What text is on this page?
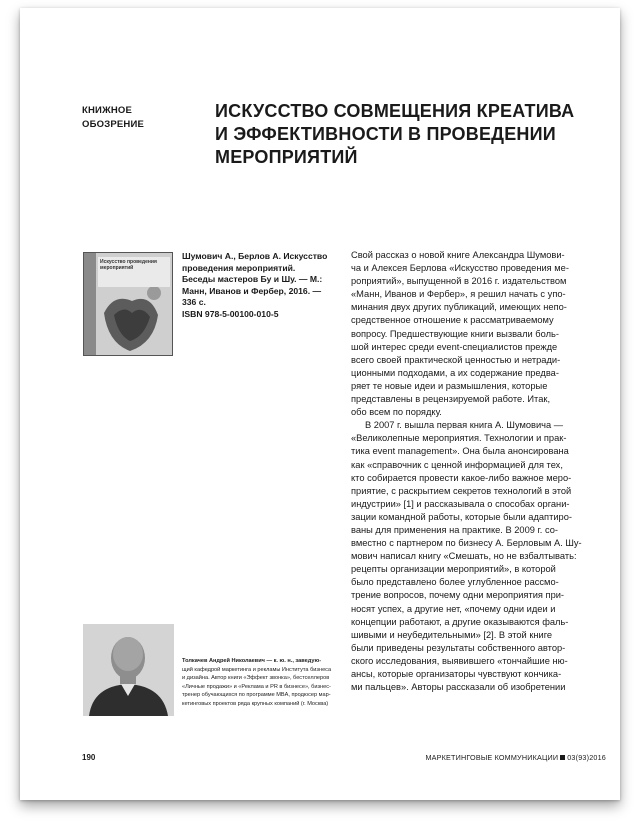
КНИЖНОЕ
ОБОЗРЕНИЕ
ИСКУССТВО СОВМЕЩЕНИЯ КРЕАТИВА
И ЭФФЕКТИВНОСТИ В ПРОВЕДЕНИИ
МЕРОПРИЯТИЙ
Искусство проведения мероприятий
Шумович А., Берлов А. Искусство
проведения мероприятий.
Беседы мастеров Бу и Шу. — М.:
Манн, Иванов и Фербер, 2016. —
336 с.
ISBN 978-5-00100-010-5
Толкачев Андрей Николаевич — к. ю. н., заведую-
щий кафедрой маркетинга и рекламы Института бизнеса
и дизайна. Автор книги «Эффект звонка», бестселлеров
«Личные продажи» и «Реклама и PR в бизнесе», бизнес-
тренер обучающихся по программе MBA, продюсер мар-
кетинговых проектов ряда крупных компаний (г. Москва)
Свой рассказ о новой книге Александра Шумови-
ча и Алексея Берлова «Искусство проведения ме-
роприятий», выпущенной в 2016 г. издательством
«Манн, Иванов и Фербер», я решил начать с упо-
минания двух других публикаций, имеющих непо-
средственное отношение к рассматриваемому
вопросу. Предшествующие книги вызвали боль-
шой интерес среди event-специалистов прежде
всего своей практической ценностью и нетради-
ционными подходами, а их содержание предва-
ряет те новые идеи и размышления, которые
представлены в рецензируемой работе. Итак,
обо всем по порядку.
В 2007 г. вышла первая книга А. Шумовича —
«Великолепные мероприятия. Технологии и прак-
тика event management». Она была анонсирована
как «справочник с ценной информацией для тех,
кто собирается провести какое-либо важное меро-
приятие, с раскрытием секретов технологий в этой
индустрии» [1] и рассказывала о способах органи-
зации командной работы, которые были адаптиро-
ваны для применения на практике. В 2009 г. со-
вместно с партнером по бизнесу А. Берловым А. Шу-
мович написал книгу «Смешать, но не взбалтывать:
рецепты организации мероприятий», в которой
было представлено более углубленное рассмо-
трение вопросов, почему одни мероприятия при-
носят успех, а другие нет, «почему одни идеи и
концепции работают, а другие оказываются фаль-
шивыми и неубедительными» [2]. В этой книге
были приведены результаты собственного автор-
ского исследования, выявившего «тончайшие ню-
ансы, которые организаторы чувствуют кончика-
ми пальцев». Авторы рассказали об изобретении
190	МАРКЕТИНГОВЫЕ КОММУНИКАЦИИ 03(93)2016
